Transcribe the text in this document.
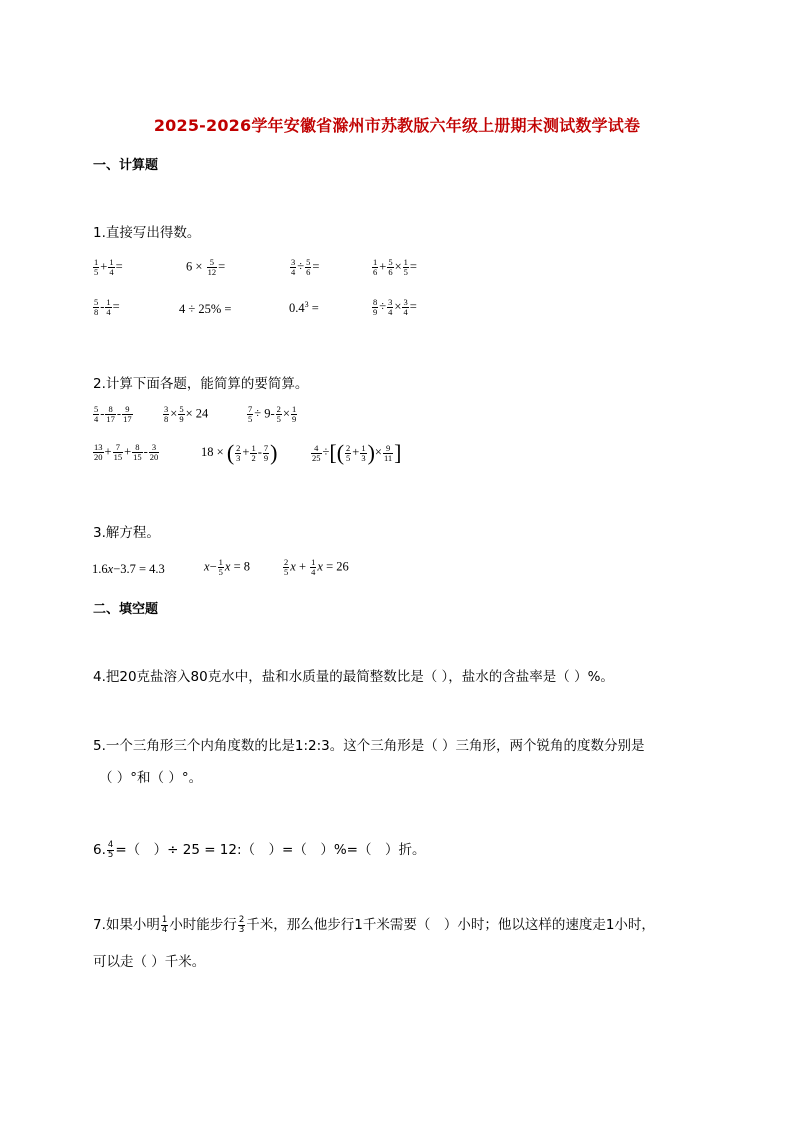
2025-2026学年安徽省滁州市苏教版六年级上册期末测试数学试卷
一、计算题
1.直接写出得数。
$\frac{1}{5} + \frac{1}{4}$ =	$6 \times \frac{5}{12}$ =	$\frac{3}{4} \div \frac{5}{6}$ =	$\frac{1}{6} + \frac{5}{6} \times \frac{1}{5}$ =
$\frac{5}{8} - \frac{1}{4}$ =	4 ÷ 25% =	$0.4^3$ =	$\frac{8}{9} \div \frac{3}{4} \times \frac{3}{4}$ =
2.计算下面各题，能简算的要简算。
$\frac{5}{4} - \frac{8}{17} - \frac{9}{17}$	$\frac{3}{8} \times \frac{5}{9} \times 24$	$\frac{7}{5} \div 9- \frac{2}{5} \times \frac{1}{9}$
$\frac{13}{20} + \frac{7}{15} + \frac{8}{15} - \frac{3}{20}$	18 × ( $\frac{2}{3} + \frac{1}{2} - \frac{7}{9}$ )	$\frac{4}{25}$ ÷[( $\frac{2}{5} + \frac{1}{3}$ )× $\frac{9}{11}$ ]
3.解方程。
1.6x−3.7 = 4.3	$x- \frac{1}{5}$ x = 8	$\frac{2}{5}$ $x + \frac{1}{4}$ x = 26
二、填空题
4.把20克盐溶入80克水中，盐和水质量的最简整数比是（ ），盐水的含盐率是（ ）%。
5.一个三角形三个内角度数的比是1:2:3。这个三角形是（ ）三角形，两个锐角的度数分别是
（ ）°和（ ）°。
6. $\frac{4}{5}$ =（　）÷ 25 = 12:（　）=（　）%=（　）折。
7.如果小明 $\frac{1}{4}$ 小时能步行 $\frac{2}{3}$ 千米，那么他步行1千米需要（　）小时；他以这样的速度走1小时，
可以走（ ）千米。
